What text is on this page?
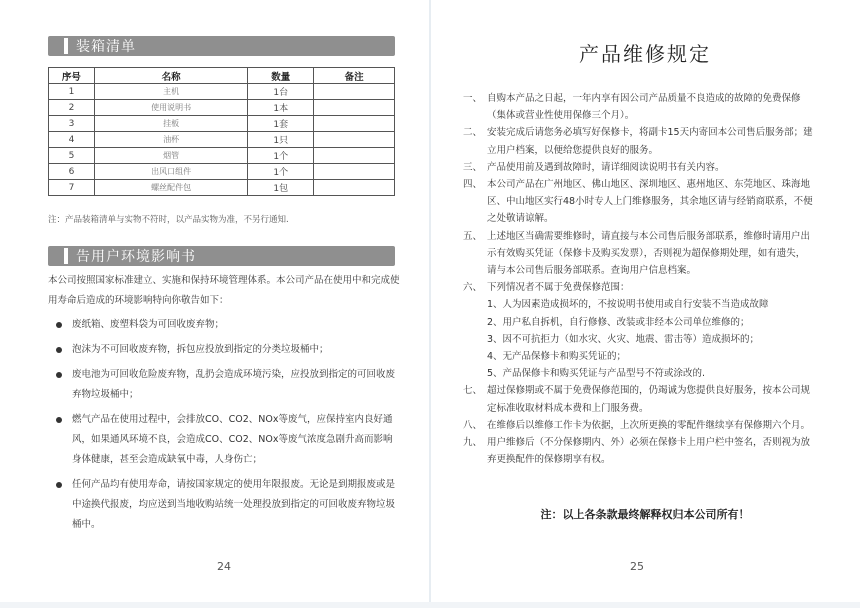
装箱清单
序号	名称	数量	备注
1	主机	1台	
2	使用说明书	1本	
3	挂板	1套	
4	油杯	1只	
5	烟管	1个	
6	出风口组件	1个	
7	螺丝配件包	1包	
注：产品装箱清单与实物不符时，以产品实物为准，不另行通知.
告用户环境影响书
本公司按照国家标准建立、实施和保持环境管理体系。本公司产品在使用中和完成使用寿命后造成的环境影响特向你敬告如下：
废纸箱、废塑料袋为可回收废弃物；
泡沫为不可回收废弃物，拆包应投放到指定的分类垃圾桶中；
废电池为可回收危险废弃物，乱扔会造成环境污染，应投放到指定的可回收废弃物垃圾桶中；
燃气产品在使用过程中，会排放CO、CO2、NOx等废气，应保持室内良好通风，如果通风环境不良，会造成CO、CO2、NOx等废气浓度急剧升高而影响身体健康，甚至会造成缺氧中毒，人身伤亡；
任何产品均有使用寿命，请按国家规定的使用年限报废。无论是到期报废或是中途换代报废，均应送到当地收购站统一处理投放到指定的可回收废弃物垃圾桶中。
24
产品维修规定
一、 自购本产品之日起，一年内享有因公司产品质量不良造成的故障的免费保修（集体或营业性使用保修三个月）。
二、 安装完成后请您务必填写好保修卡，将副卡15天内寄回本公司售后服务部；建立用户档案，以便给您提供良好的服务。
三、 产品使用前及遇到故障时，请详细阅读说明书有关内容。
四、 本公司产品在广州地区、佛山地区、深圳地区、惠州地区、东莞地区、珠海地区、中山地区实行48小时专人上门维修服务，其余地区请与经销商联系，不便之处敬请谅解。
五、 上述地区当确需要维修时，请直接与本公司售后服务部联系，维修时请用户出示有效购买凭证（保修卡及购买发票），否则视为超保修期处理，如有遗失，请与本公司售后服务部联系。查询用户信息档案。
六、 下列情况者不属于免费保修范围：
1、人为因素造成损坏的，不按说明书使用或自行安装不当造成故障
2、用户私自拆机，自行修修、改装或非经本公司单位维修的；
3、因不可抗拒力（如水灾、火灾、地震、雷击等）造成损坏的；
4、无产品保修卡和购买凭证的；
5、产品保修卡和购买凭证与产品型号不符或涂改的.
七、 超过保修期或不属于免费保修范围的，仍竭诚为您提供良好服务，按本公司规定标准收取材料成本费和上门服务费。
八、 在维修后以维修工作卡为依据，上次所更换的零配件继续享有保修期六个月。
九、 用户维修后（不分保修期内、外）必须在保修卡上用户栏中签名，否则视为放弃更换配件的保修期享有权。
注：以上各条款最终解释权归本公司所有！
25
